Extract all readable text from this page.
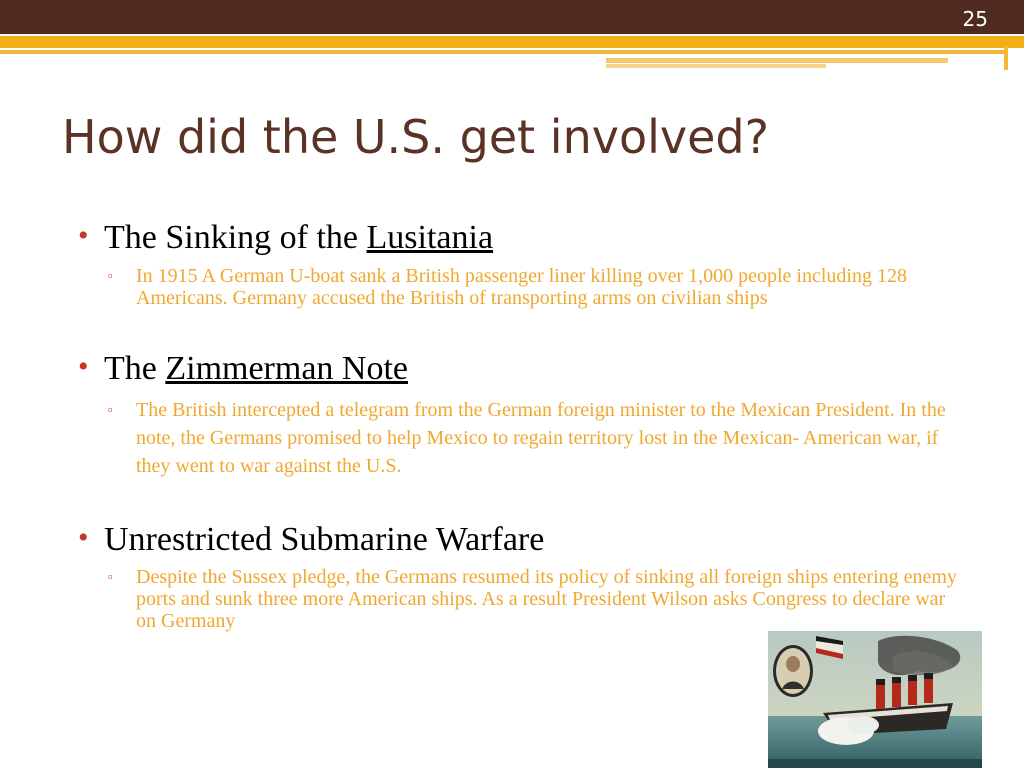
25
How did the U.S. get involved?
• The Sinking of the Lusitania
▫ In 1915 A German U-boat sank a British passenger liner killing over 1,000 people including 128 Americans. Germany accused the British of transporting arms on civilian ships
• The Zimmerman Note
▫ The British intercepted a telegram from the German foreign minister to the Mexican President. In the note, the Germans promised to help Mexico to regain territory lost in the Mexican- American war, if they went to war against the U.S.
• Unrestricted Submarine Warfare
▫ Despite the Sussex pledge, the Germans resumed its policy of sinking all foreign ships entering enemy ports and sunk three more American ships. As a result President Wilson asks Congress to declare war on Germany
